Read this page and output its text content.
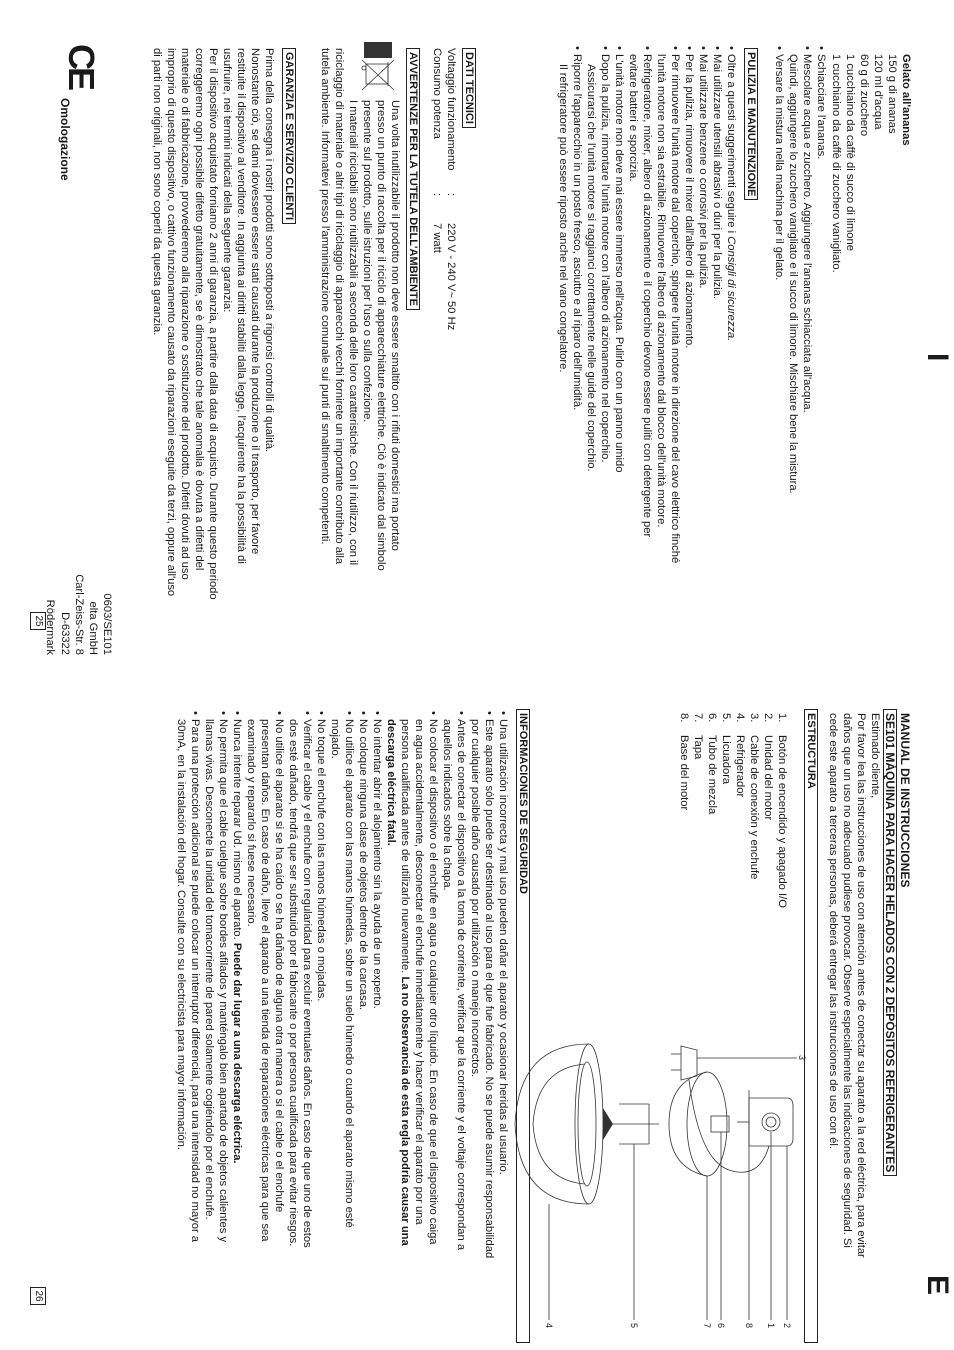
I
Gelato all'ananas
150 g di ananas
120 ml d'acqua
60 g di zucchero
1 cucchiaino da caffè di succo di limone
1 cucchiaino da caffè di zucchero vanigliato.
• Schiacciare l'ananas.
• Mescolare acqua e zucchero. Aggiungere l'ananas schiacciata all'acqua.
Quindi, aggiungere lo zucchero vanigliato e il succo di limone. Mischiare bene la mistura.
• Versare la mistura nella machina per il gelato.
PULIZIA E MANUTENZIONE
• Oltre a questi suggerimenti seguire i Consigli di sicurezza.
• Mai utilizzare utensili abrasivi o duri per la pulizia.
• Mai utilizzare benzene o corrosivi per la pulizia.
• Per la pulizia, rimuovere il mixer dall'albero di azionamento.
• Per rimuovere l'unità motore dal coperchio, spingere l'unità motore in direzione del cavo elettrico finché
l'unità motore non sia estraibile. Rimuovere l'albero di azionamento dal blocco dell'unità motore.
• Refrigeratore, mixer, albero di azionamento e il coperchio devono essere puliti con detergente per
evitare batteri e sporcizia.
• L'unità motore non deve mai essere immerso nell'acqua. Pulirlo con un panno umido
• Dopo la pulizia, rimontare l'unità motore con l'albero di azionamento nel coperchio.
Assicurarsi che l'unità motore si raggianci correttamente nelle guide del coperchio.
• Riporre l'apparecchio in un posto fresco, asciutto e al riparo dell'umidità.
Il refrigeratore può essere riposto anche nel vano congelatore.
DATI TECNICI
Voltaggio funzionamento
:
220 V - 240 V~ 50 Hz
Consumo potenza
:
7 watt
AVVERTENZE PER LA TUTELA DELL'AMBIENTE
Una volta inutilizzabile il prodotto non deve essere smaltito con i rifiuti domestici ma portato
presso un punto di raccolta per il riciclo di apparecchiature elettriche. Ciò è indicato dal simbolo
presente sul prodotto, sulle istruzioni per l'uso o sulla confezione.
I materiali riciclabili sono riutilizzabili a seconda delle loro caratteristiche. Con il riutilizzo, con il
riciclaggio di materiale o altri tipi di riciclaggio di apparecchi vecchi fornirete un importante contributo alla
tutela ambiente. Informatevi presso l'amministrazione comunale sui punti di smaltimento competenti.
GARANZIA E SERVIZIO CLIENTI
Prima della consegna i nostri prodotti sono sottoposti a rigorosi controlli di qualità.
Nonostante ciò, se dami dovessero essere stati causati durante la produzione o il trasporto, per favore
restituite il dispositivo al venditore. In aggiunta ai diritti stabiliti dalla legge, l'acquirente ha la possibilità di
usufruire, nei termini indicati della seguente garanzia:
Per il dispositivo acquistato forniamo 2 anni di garanzia, a partire dalla data di acquisto. Durante questo periodo
correggeremo ogni possibile difetto gratuitamente, se è dimostrato che tale anomalia è dovuta a difetti del
materiale o di fabbricazione, provvederemo alla riparazione o sostituzione del prodotto. Difetti dovuti ad uso
improprio di questo dispositivo, o cattivo funzionamento causato da riparazioni eseguite da terzi, oppure all'uso
di parti non originali, non sono coperti da questa garanzia.
CE
Omologazione
0603/SE101
elta GmbH
Carl-Zeiss-Str. 8
D-63322 Rödermark
25
E
MANUAL DE INSTRUCCIONES
SE101 MÁQUINA PARA HACER HELADOS CON 2 DEPÓSITOS REFRIGERANTES
Estimado cliente,
Por favor lea las instrucciones de uso con atención antes de conectar su aparato a la red eléctrica, para evitar
daños que un uso no adecuado pudiese provocar. Observe especialmente las indicaciones de seguridad. Si
cede este aparato a terceras personas, deberá entregar las instrucciones de uso con él.
ESTRUCTURA
1.
Botón de encendido y apagado I/O
2.
Unidad del motor
3.
Cable de conexión y enchufe
4.
Refrigerador
5.
Licuadora
6.
Tubo de mezcla
7.
Tapa
8.
Base del motor
1 2
3
4	5	6
7	8
INFORMACIONES DE SEGURIDAD
• Una utilización incorrecta y mal uso pueden dañar el aparato y ocasionar heridas al usuario.
• Este aparato sólo puede ser destinado al uso para el que fue fabricado. No se puede asumir responsabilidad
por cualquier posible daño causado por utilización o manejo incorrectos.
• Antes de conectar el dispositivo a la toma de corriente, verificar que la corriente y el voltaje correspondan a
aquellos indicados sobre la chapa.
• No colocar el dispositivo o el enchufe en agua o cualquier otro líquido. En caso de que el dispositivo caiga
en agua accidentalmente, desconectar el enchufe inmediatamente y hacer verificar el aparato por una
persona cualificada antes de utilizarlo nuevamente. La no observancia de esta regla podría causar una
descarga eléctrica fatal.
• No intentar abrir el alojamiento sin la ayuda de un experto.
• No coloque ninguna clase de objetos dentro de la carcasa.
• No utilice el aparato con las manos húmedas, sobre un suelo húmedo o cuando el aparato mismo esté
mojado.
• No toque el enchufe con las manos húmedas o mojadas.
• Verificar el cable y el enchufe con regularidad para excluir eventuales daños. En caso de que uno de estos
dos esté dañado, tendrá que ser substituido por el fabricante o por persona cualificada para evitar riesgos.
• No utilice el aparato si se ha caído o se ha dañado de alguna otra manera o si el cable o el enchufe
presentan daños. En caso de daño, lleve el aparato a una tienda de reparaciones eléctricas para que sea
examinado y repararlo si fuese necesario.
• Nunca intente reparar Ud. mismo el aparato. Puede dar lugar a una descarga eléctrica.
• No permita que el cable cuelgue sobre bordes afilados y manténgalo bien apartado de objetos calientes y
llamas vivas. Desconecte la unidad del tomacorriente de pared solamente cogiéndolo por el enchufe.
• Para una protección adicional se puede colocar un interruptor diferencial, para una intensidad no mayor a
30mA, en la instalación del hogar. Consulte con su electricista para mayor información.
26
